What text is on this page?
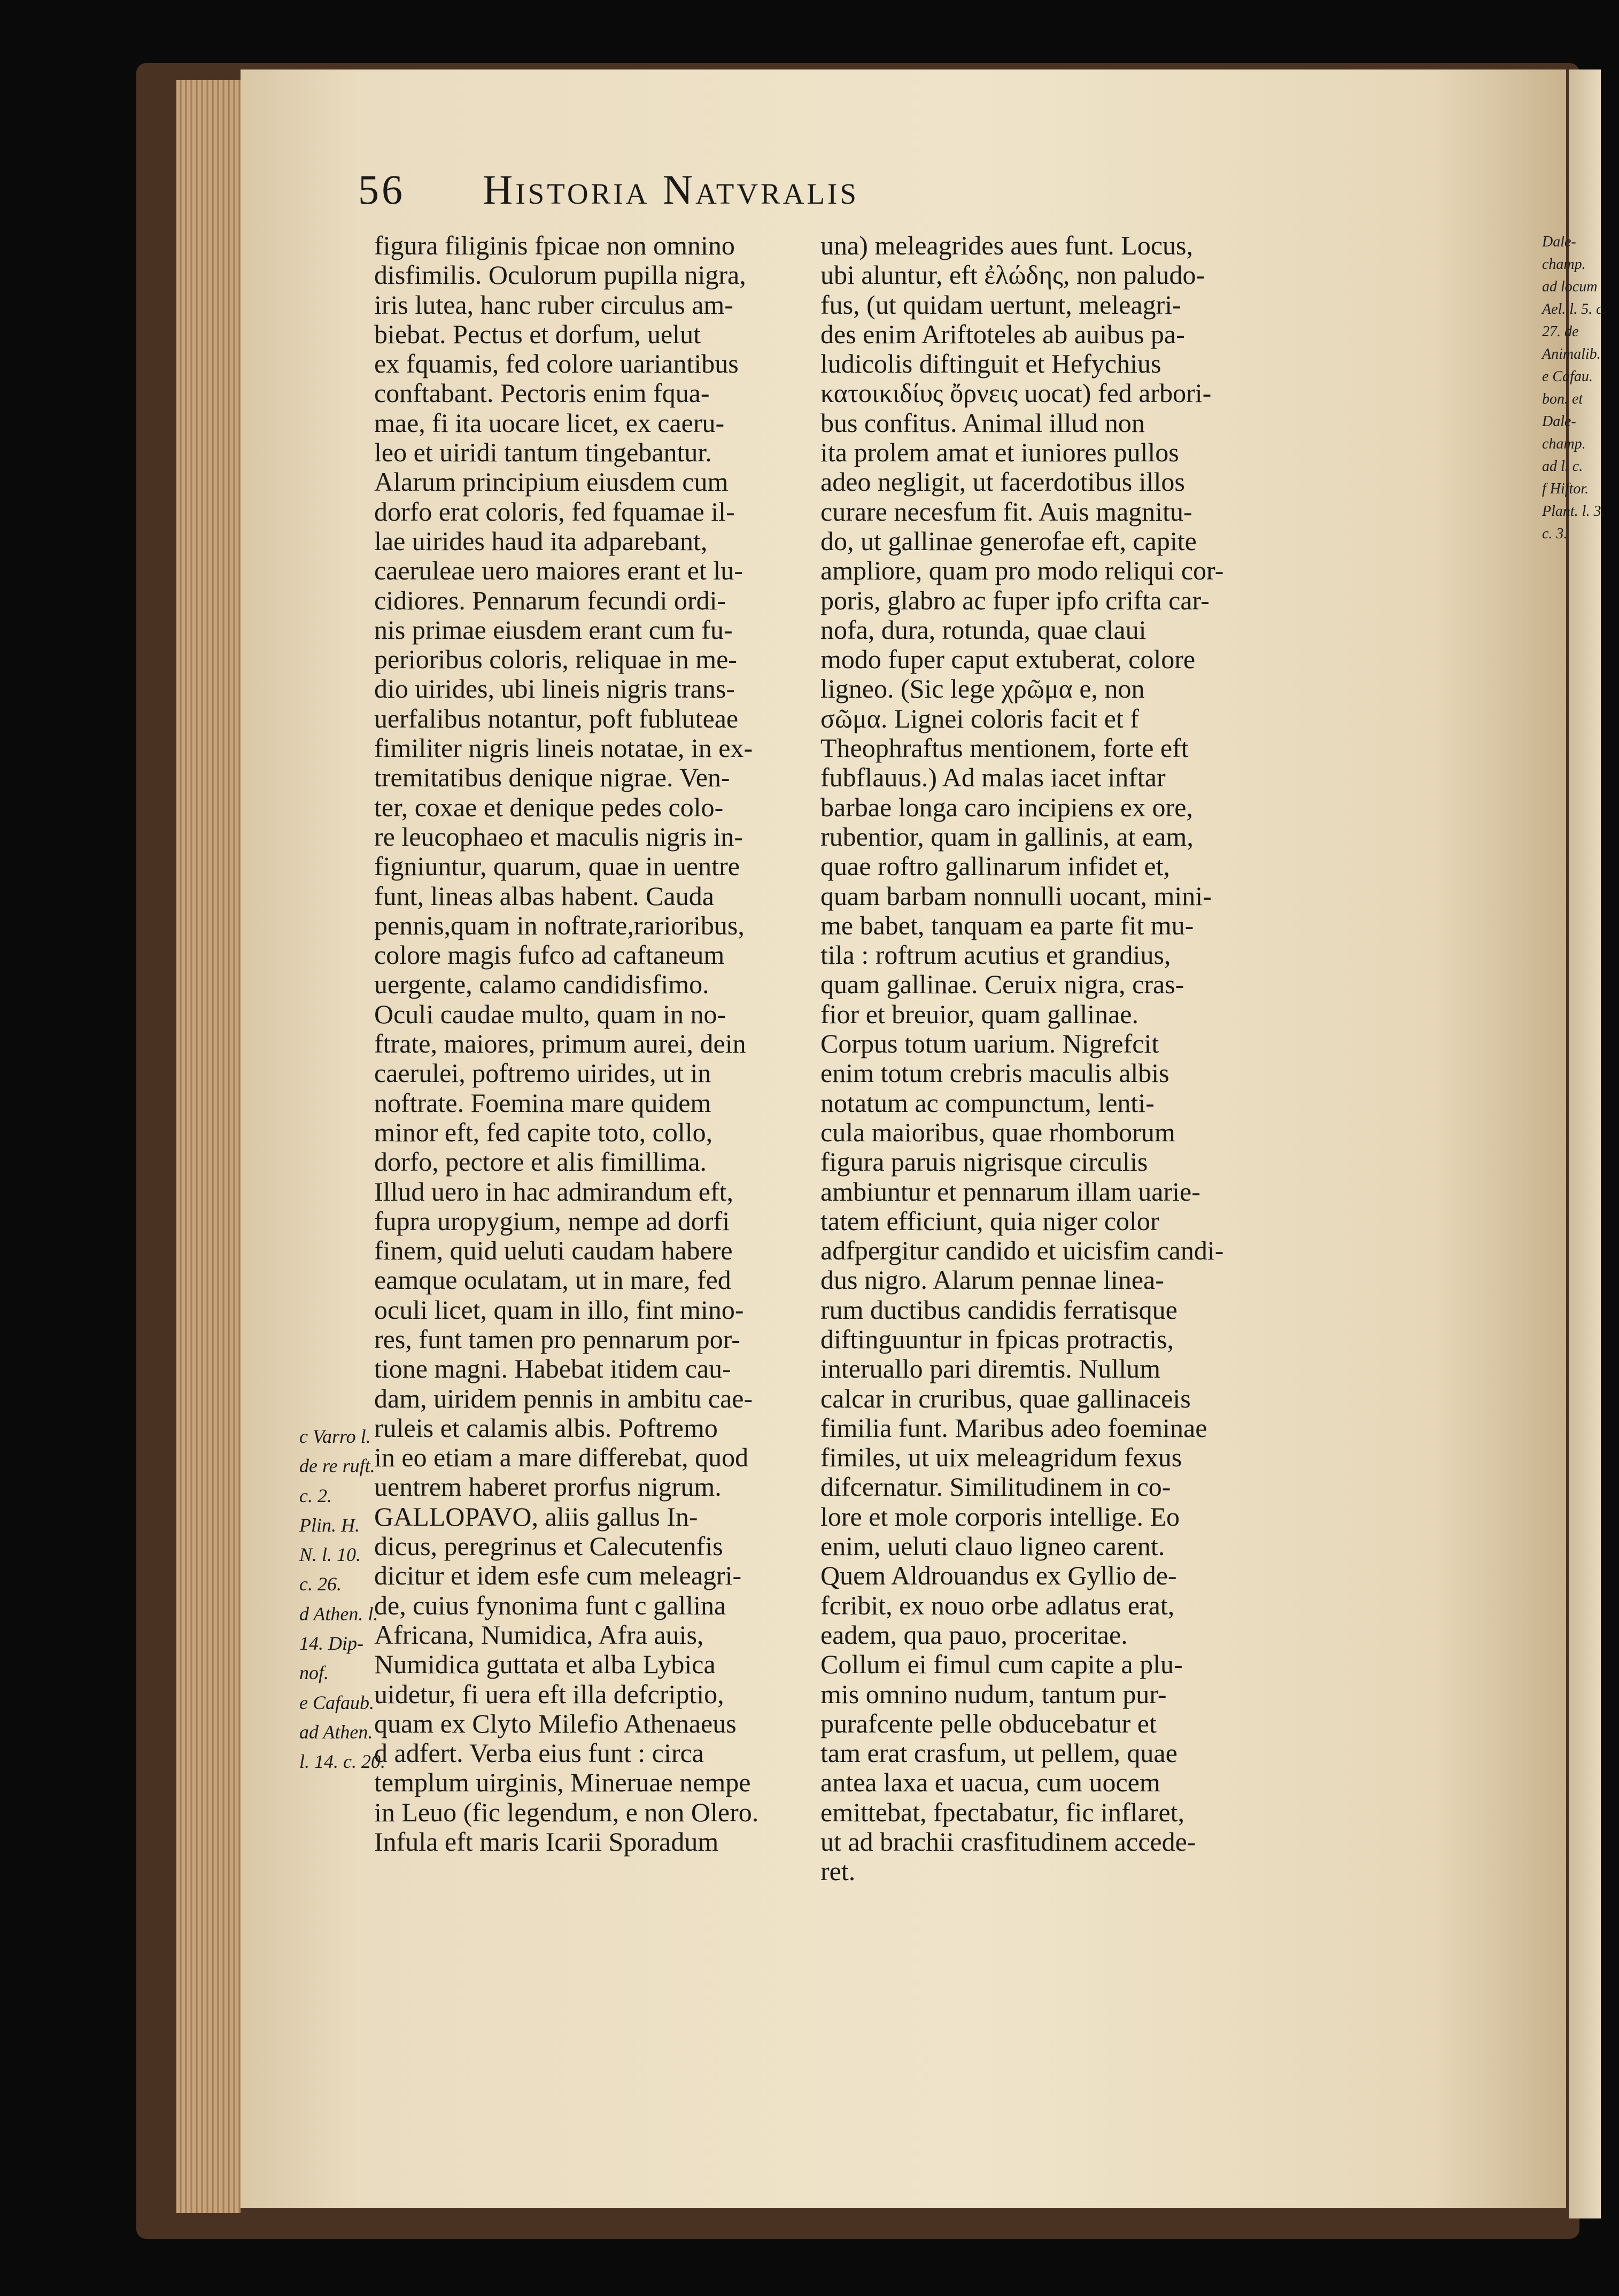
56	Historia Natvralis
figura filiginis fpicae non omnino
disfimilis. Oculorum pupilla nigra,
iris lutea, hanc ruber circulus am-
biebat. Pectus et dorfum, uelut
ex fquamis, fed colore uariantibus
conftabant. Pectoris enim fqua-
mae, fi ita uocare licet, ex caeru-
leo et uiridi tantum tingebantur.
Alarum principium eiusdem cum
dorfo erat coloris, fed fquamae il-
lae uirides haud ita adparebant,
caeruleae uero maiores erant et lu-
cidiores. Pennarum fecundi ordi-
nis primae eiusdem erant cum fu-
perioribus coloris, reliquae in me-
dio uirides, ubi lineis nigris trans-
uerfalibus notantur, poft fubluteae
fimiliter nigris lineis notatae, in ex-
tremitatibus denique nigrae. Ven-
ter, coxae et denique pedes colo-
re leucophaeo et maculis nigris in-
figniuntur, quarum, quae in uentre
funt, lineas albas habent. Cauda
pennis,quam in noftrate,rarioribus,
colore magis fufco ad caftaneum
uergente, calamo candidisfimo.
Oculi caudae multo, quam in no-
ftrate, maiores, primum aurei, dein
caerulei, poftremo uirides, ut in
noftrate. Foemina mare quidem
minor eft, fed capite toto, collo,
dorfo, pectore et alis fimillima.
Illud uero in hac admirandum eft,
fupra uropygium, nempe ad dorfi
finem, quid ueluti caudam habere
eamque oculatam, ut in mare, fed
oculi licet, quam in illo, fint mino-
res, funt tamen pro pennarum por-
tione magni. Habebat itidem cau-
dam, uiridem pennis in ambitu cae-
ruleis et calamis albis. Poftremo
in eo etiam a mare differebat, quod
uentrem haberet prorfus nigrum.
GALLOPAVO, aliis gallus In-
dicus, peregrinus et Calecutenfis
dicitur et idem esfe cum meleagri-
de, cuius fynonima funt c gallina
Africana, Numidica, Afra auis,
Numidica guttata et alba Lybica
uidetur, fi uera eft illa defcriptio,
quam ex Clyto Milefio Athenaeus
d adfert. Verba eius funt : circa
templum uirginis, Mineruae nempe
in Leuo (fic legendum, e non Olero.
Infula eft maris Icarii Sporadum
una) meleagrides aues funt. Locus,
ubi aluntur, eft ἐλώδης, non paludo-
fus, (ut quidam uertunt, meleagri-
des enim Ariftoteles ab auibus pa-
ludicolis diftinguit et Hefychius
κατοικιδίυς ὄρνεις uocat) fed arbori-
bus confitus. Animal illud non
ita prolem amat et iuniores pullos
adeo negligit, ut facerdotibus illos
curare necesfum fit. Auis magnitu-
do, ut gallinae generofae eft, capite
ampliore, quam pro modo reliqui cor-
poris, glabro ac fuper ipfo crifta car-
nofa, dura, rotunda, quae claui
modo fuper caput extuberat, colore
ligneo. (Sic lege χρῶμα e, non
σῶμα. Lignei coloris facit et f
Theophraftus mentionem, forte eft
fubflauus.) Ad malas iacet inftar
barbae longa caro incipiens ex ore,
rubentior, quam in gallinis, at eam,
quae roftro gallinarum infidet et,
quam barbam nonnulli uocant, mini-
me babet, tanquam ea parte fit mu-
tila : roftrum acutius et grandius,
quam gallinae. Ceruix nigra, cras-
fior et breuior, quam gallinae.
Corpus totum uarium. Nigrefcit
enim totum crebris maculis albis
notatum ac compunctum, lenti-
cula maioribus, quae rhomborum
figura paruis nigrisque circulis
ambiuntur et pennarum illam uarie-
tatem efficiunt, quia niger color
adfpergitur candido et uicisfim candi-
dus nigro. Alarum pennae linea-
rum ductibus candidis ferratisque
diftinguuntur in fpicas protractis,
interuallo pari diremtis. Nullum
calcar in cruribus, quae gallinaceis
fimilia funt. Maribus adeo foeminae
fimiles, ut uix meleagridum fexus
difcernatur. Similitudinem in co-
lore et mole corporis intellige. Eo
enim, ueluti clauo ligneo carent.
Quem Aldrouandus ex Gyllio de-
fcribit, ex nouo orbe adlatus erat,
eadem, qua pauo, proceritae.
Collum ei fimul cum capite a plu-
mis omnino nudum, tantum pur-
purafcente pelle obducebatur et
tam erat crasfum, ut pellem, quae
antea laxa et uacua, cum uocem
emittebat, fpectabatur, fic inflaret,
ut ad brachii crasfitudinem accede-
ret.
c Varro l.
de re ruft.
c. 2.
Plin. H.
N. l. 10.
c. 26.
d Athen. l.
14. Dip-
nof.
e Cafaub.
ad Athen.
l. 14. c. 20.
Dale-
champ.
ad locum
Ael. l. 5. c.
27. de
Animalib.
e Cafau.
bon. et
Dale-
champ.
ad l. c.
f Hiftor.
Plant. l. 3.
c. 3.
